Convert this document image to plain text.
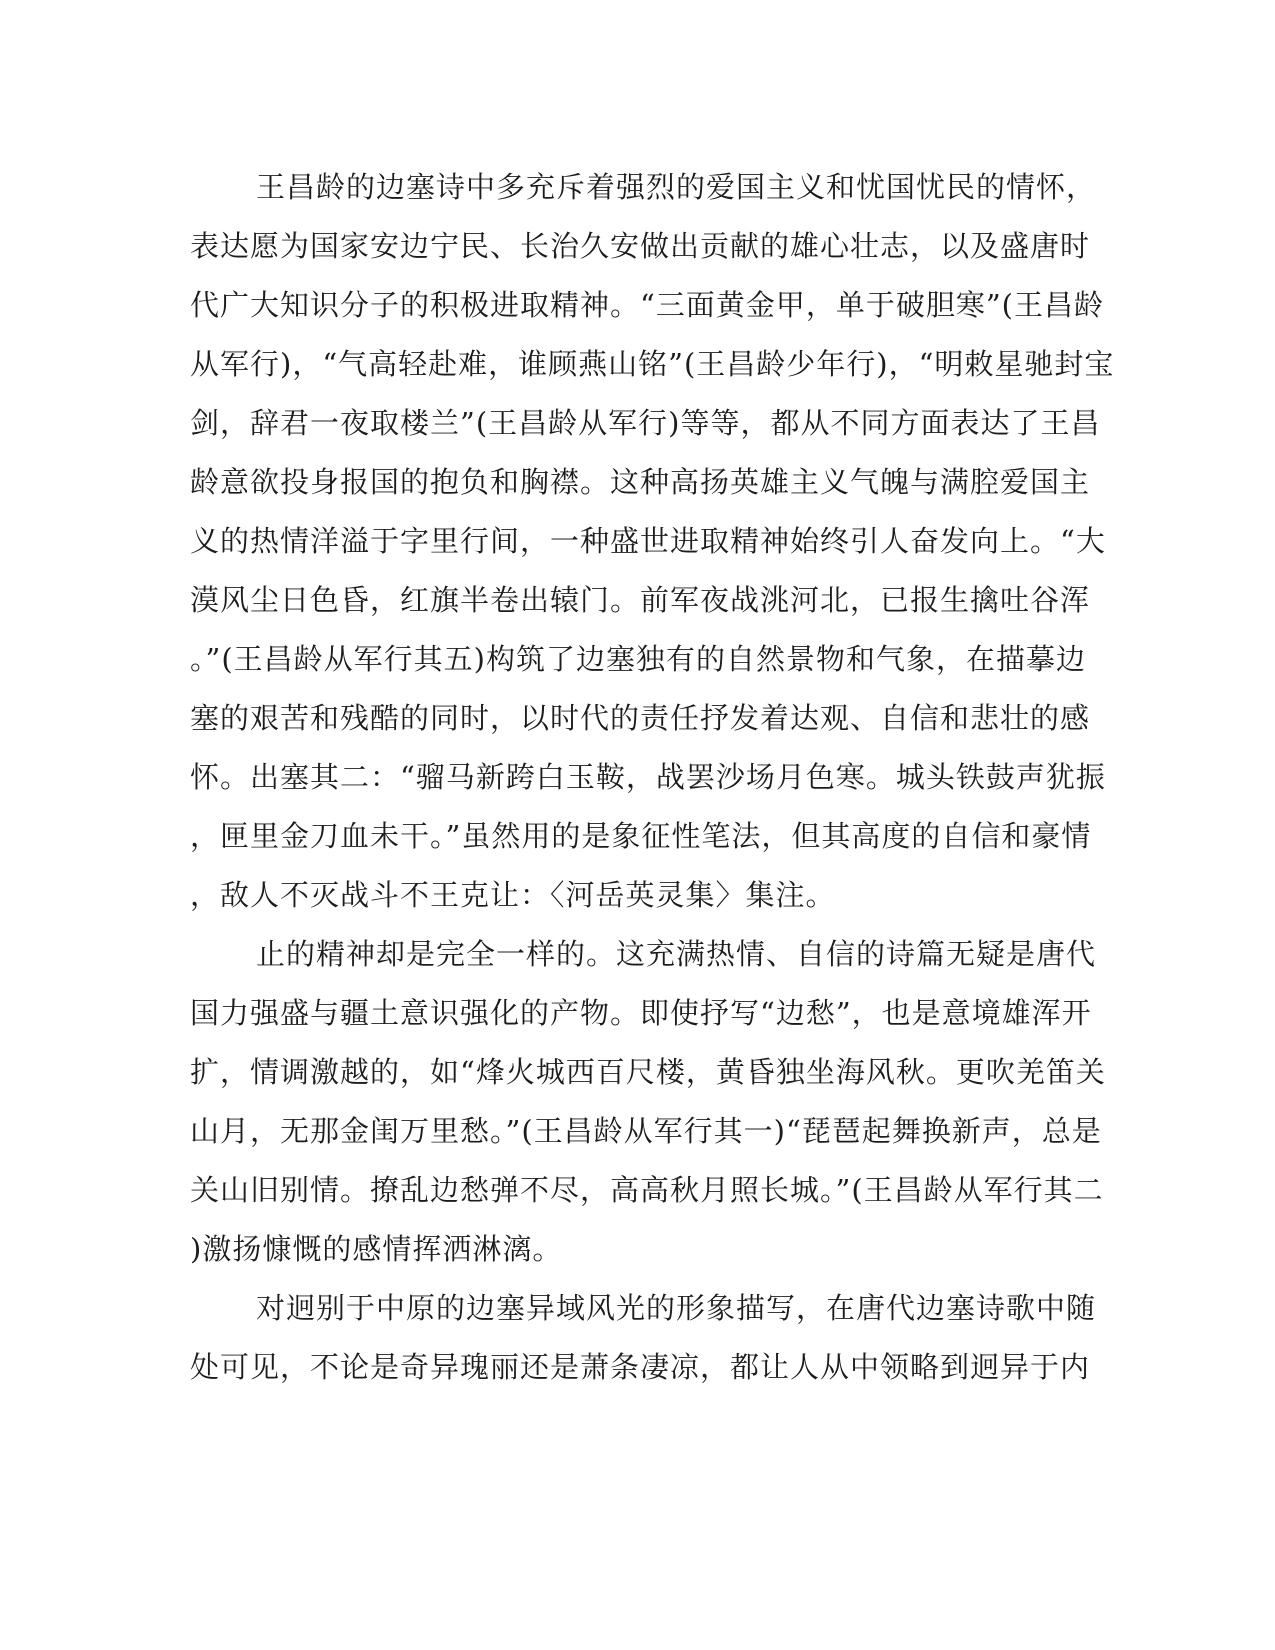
王昌龄的边塞诗中多充斥着强烈的爱国主义和忧国忧民的情怀，
表达愿为国家安边宁民、长治久安做出贡献的雄心壮志，以及盛唐时
代广大知识分子的积极进取精神。“三面黄金甲，单于破胆寒”(王昌龄
从军行)，“气高轻赴难，谁顾燕山铭”(王昌龄少年行)，“明敕星驰封宝
剑，辞君一夜取楼兰”(王昌龄从军行)等等，都从不同方面表达了王昌
龄意欲投身报国的抱负和胸襟。这种高扬英雄主义气魄与满腔爱国主
义的热情洋溢于字里行间，一种盛世进取精神始终引人奋发向上。“大
漠风尘日色昏，红旗半卷出辕门。前军夜战洮河北，已报生擒吐谷浑
。”(王昌龄从军行其五)构筑了边塞独有的自然景物和气象，在描摹边
塞的艰苦和残酷的同时，以时代的责任抒发着达观、自信和悲壮的感
怀。出塞其二：“骝马新跨白玉鞍，战罢沙场月色寒。城头铁鼓声犹振
，匣里金刀血未干。”虽然用的是象征性笔法，但其高度的自信和豪情
，敌人不灭战斗不王克让：〈河岳英灵集〉集注。
止的精神却是完全一样的。这充满热情、自信的诗篇无疑是唐代
国力强盛与疆土意识强化的产物。即使抒写“边愁”，也是意境雄浑开
扩，情调激越的，如“烽火城西百尺楼，黄昏独坐海风秋。更吹羌笛关
山月，无那金闺万里愁。”(王昌龄从军行其一)“琵琶起舞换新声，总是
关山旧别情。撩乱边愁弹不尽，高高秋月照长城。”(王昌龄从军行其二
)激扬慷慨的感情挥洒淋漓。
对迥别于中原的边塞异域风光的形象描写，在唐代边塞诗歌中随
处可见，不论是奇异瑰丽还是萧条凄凉，都让人从中领略到迥异于内
